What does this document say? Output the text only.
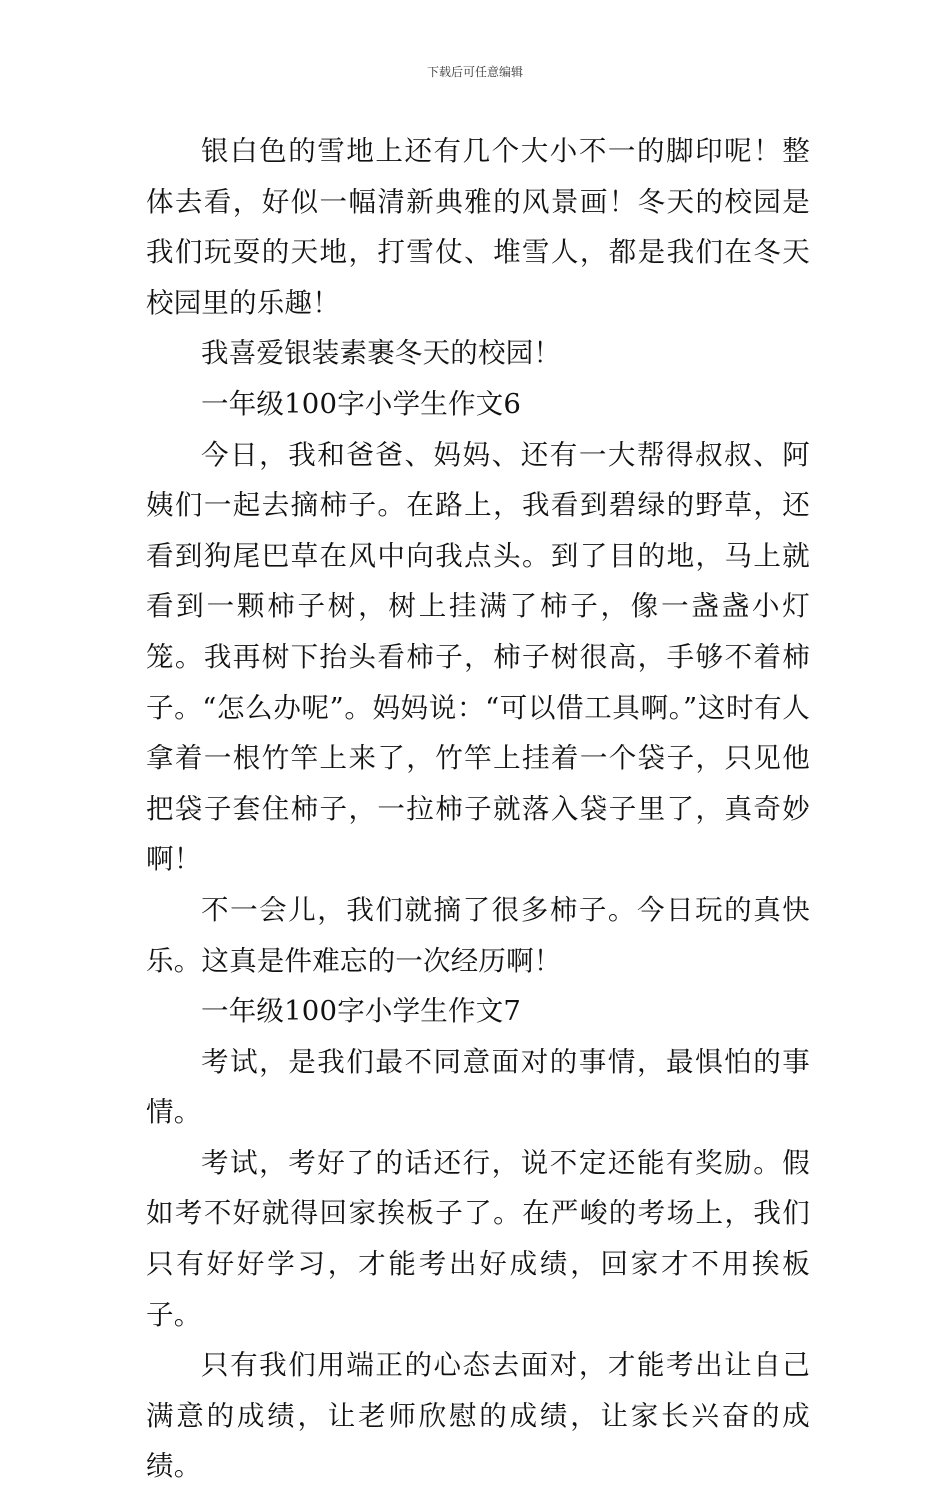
下载后可任意编辑

银白色的雪地上还有几个大小不一的脚印呢！整体去看，好似一幅清新典雅的风景画！冬天的校园是我们玩耍的天地，打雪仗、堆雪人，都是我们在冬天校园里的乐趣！

我喜爱银装素裹冬天的校园！

一年级100字小学生作文6

今日，我和爸爸、妈妈、还有一大帮得叔叔、阿姨们一起去摘柿子。在路上，我看到碧绿的野草，还看到狗尾巴草在风中向我点头。到了目的地，马上就看到一颗柿子树，树上挂满了柿子，像一盏盏小灯笼。我再树下抬头看柿子，柿子树很高，手够不着柿子。“怎么办呢”。妈妈说：“可以借工具啊。”这时有人拿着一根竹竿上来了，竹竿上挂着一个袋子，只见他把袋子套住柿子，一拉柿子就落入袋子里了，真奇妙啊！

不一会儿，我们就摘了很多柿子。今日玩的真快乐。这真是件难忘的一次经历啊！

一年级100字小学生作文7

考试，是我们最不同意面对的事情，最惧怕的事情。

考试，考好了的话还行，说不定还能有奖励。假如考不好就得回家挨板子了。在严峻的考场上，我们只有好好学习，才能考出好成绩，回家才不用挨板子。

只有我们用端正的心态去面对，才能考出让自己满意的成绩，让老师欣慰的成绩，让家长兴奋的成绩。
